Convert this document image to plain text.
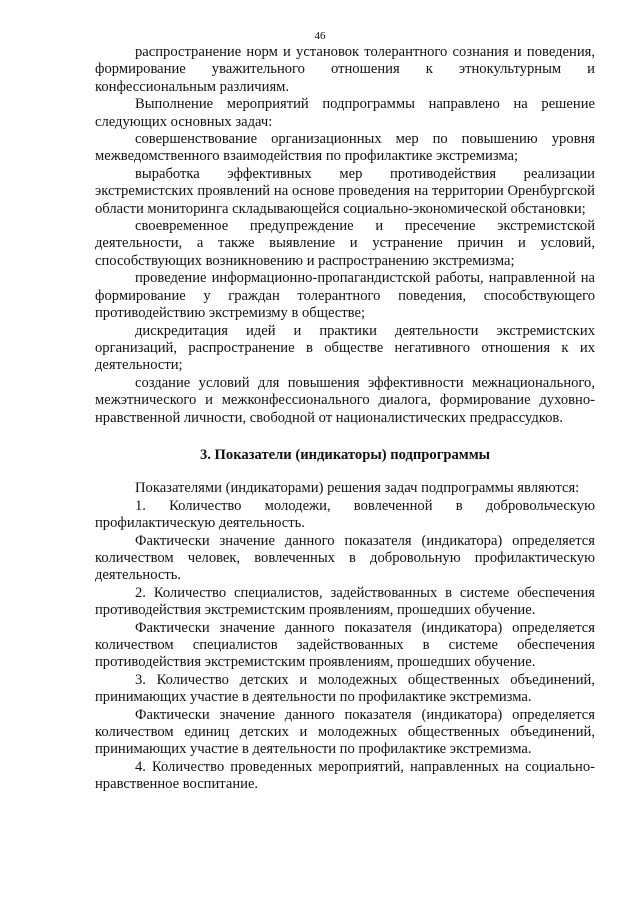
46

распространение норм и установок толерантного сознания и поведения, формирование уважительного отношения к этнокультурным и конфессиональным различиям.

Выполнение мероприятий подпрограммы направлено на решение следующих основных задач:

совершенствование организационных мер по повышению уровня межведомственного взаимодействия по профилактике экстремизма;

выработка эффективных мер противодействия реализации экстремистских проявлений на основе проведения на территории Оренбургской области мониторинга складывающейся социально-экономической обстановки;

своевременное предупреждение и пресечение экстремистской деятельности, а также выявление и устранение причин и условий, способствующих возникновению и распространению экстремизма;

проведение информационно-пропагандистской работы, направленной на формирование у граждан толерантного поведения, способствующего противодействию экстремизму в обществе;

дискредитация идей и практики деятельности экстремистских организаций, распространение в обществе негативного отношения к их деятельности;

создание условий для повышения эффективности межнационального, межэтнического и межконфессионального диалога, формирование духовно-нравственной личности, свободной от националистических предрассудков.

3. Показатели (индикаторы) подпрограммы

Показателями (индикаторами) решения задач подпрограммы являются:

1. Количество молодежи, вовлеченной в добровольческую профилактическую деятельность.

Фактически значение данного показателя (индикатора) определяется количеством человек, вовлеченных в добровольную профилактическую деятельность.

2. Количество специалистов, задействованных в системе обеспечения противодействия экстремистским проявлениям, прошедших обучение.

Фактически значение данного показателя (индикатора) определяется количеством специалистов задействованных в системе обеспечения противодействия экстремистским проявлениям, прошедших обучение.

3. Количество детских и молодежных общественных объединений, принимающих участие в деятельности по профилактике экстремизма.

Фактически значение данного показателя (индикатора) определяется количеством единиц детских и молодежных общественных объединений, принимающих участие в деятельности по профилактике экстремизма.

4. Количество проведенных мероприятий, направленных на социально-нравственное воспитание.
